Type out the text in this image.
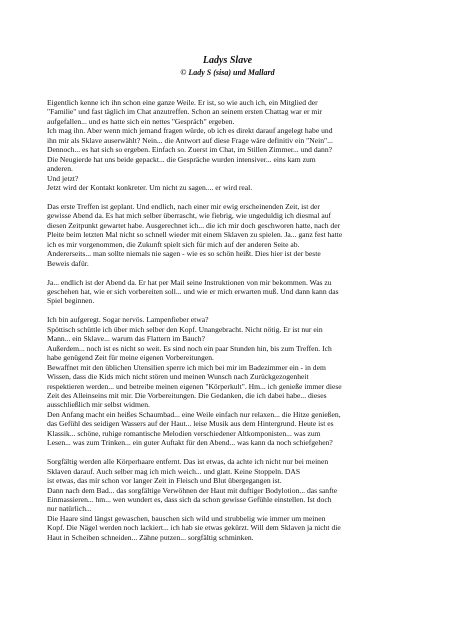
Ladys Slave

© Lady S (sisa) und Mallard

Eigentlich kenne ich ihn schon eine ganze Weile. Er ist, so wie auch ich, ein Mitglied der
"Familie" und fast täglich im Chat anzutreffen. Schon an seinem ersten Chattag war er mir
aufgefallen... und es hatte sich ein nettes "Gespräch" ergeben.
Ich mag ihn. Aber wenn mich jemand fragen würde, ob ich es direkt darauf angelegt habe und
ihn mir als Sklave auserwählt? Nein... die Antwort auf diese Frage wäre definitiv ein "Nein"...
Dennoch... es hat sich so ergeben. Einfach so. Zuerst im Chat, im Stillen Zimmer... und dann?
Die Neugierde hat uns beide gepackt... die Gespräche wurden intensiver... eins kam zum
anderen.
Und jetzt?
Jetzt wird der Kontakt konkreter. Um nicht zu sagen.... er wird real.

Das erste Treffen ist geplant. Und endlich, nach einer mir ewig erscheinenden Zeit, ist der
gewisse Abend da. Es hat mich selber überrascht, wie fiebrig, wie ungeduldig ich diesmal auf
diesen Zeitpunkt gewartet habe. Ausgerechnet ich... die ich mir doch geschworen hatte, nach der
Pleite beim letzten Mal nicht so schnell wieder mit einem Sklaven zu spielen. Ja... ganz fest hatte
ich es mir vorgenommen, die Zukunft spielt sich für mich auf der anderen Seite ab.
Andererseits... man sollte niemals nie sagen - wie es so schön heißt. Dies hier ist der beste
Beweis dafür.

Ja... endlich ist der Abend da. Er hat per Mail seine Instruktionen von mir bekommen. Was zu
geschehen hat, wie er sich vorbereiten soll... und wie er mich erwarten muß. Und dann kann das
Spiel beginnen.

Ich bin aufgeregt. Sogar nervös. Lampenfieber etwa?
Spöttisch schüttle ich über mich selber den Kopf. Unangebracht. Nicht nötig. Er ist nur ein
Mann... ein Sklave... warum das Flattern im Bauch?
Außerdem... noch ist es nicht so weit. Es sind noch ein paar Stunden hin, bis zum Treffen. Ich
habe genügend Zeit für meine eigenen Vorbereitungen.
Bewaffnet mit den üblichen Utensilien sperre ich mich bei mir im Badezimmer ein - in dem
Wissen, dass die Kids mich nicht stören und meinen Wunsch nach Zurückgezogenheit
respektieren werden... und betreibe meinen eigenen "Körperkult". Hm... ich genieße immer diese
Zeit des Alleinseins mit mir. Die Vorbereitungen. Die Gedanken, die ich dabei habe... dieses
ausschließlich mir selbst widmen.
Den Anfang macht ein heißes Schaumbad... eine Weile einfach nur relaxen... die Hitze genießen,
das Gefühl des seidigen Wassers auf der Haut... leise Musik aus dem Hintergrund. Heute ist es
Klassik... schöne, ruhige romantische Melodien verschiedener Altkomponisten... was zum
Lesen... was zum Trinken... ein guter Auftakt für den Abend... was kann da noch schiefgehen?

Sorgfältig werden alle Körperhaare entfernt. Das ist etwas, da achte ich nicht nur bei meinen
Sklaven darauf. Auch selber mag ich mich weich... und glatt. Keine Stoppeln. DAS
ist etwas, das mir schon vor langer Zeit in Fleisch und Blut übergegangen ist.
Dann nach dem Bad... das sorgfältige Verwöhnen der Haut mit duftiger Bodylotion... das sanfte
Einmassieren... hm... wen wundert es, dass sich da schon gewisse Gefühle einstellen. Ist doch
nur natürlich...
Die Haare sind längst gewaschen, bauschen sich wild und strubbelig wie immer um meinen
Kopf. Die Nägel werden noch lackiert... ich hab sie etwas gekürzt. Will dem Sklaven ja nicht die
Haut in Scheiben schneiden... Zähne putzen... sorgfältig schminken.
